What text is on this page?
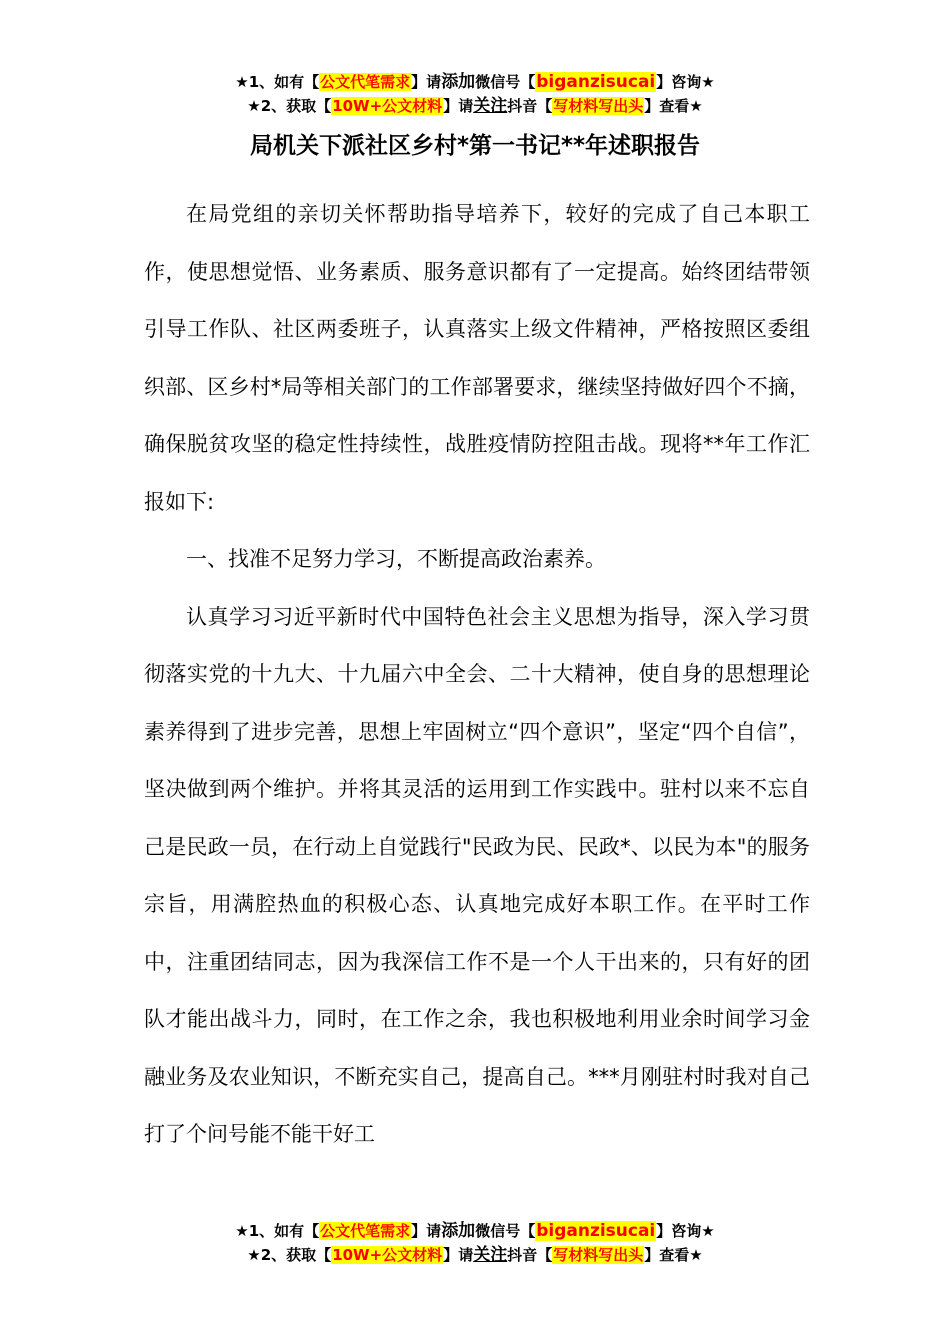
★1、如有【公文代笔需求】请添加微信号【biganzisucai】咨询★
★2、获取【10W+公文材料】请关注抖音【写材料写出头】查看★
局机关下派社区乡村*第一书记**年述职报告

在局党组的亲切关怀帮助指导培养下，较好的完成了自己本职工作，使思想觉悟、业务素质、服务意识都有了一定提高。始终团结带领引导工作队、社区两委班子，认真落实上级文件精神，严格按照区委组织部、区乡村*局等相关部门的工作部署要求，继续坚持做好四个不摘，确保脱贫攻坚的稳定性持续性，战胜疫情防控阻击战。现将**年工作汇报如下:

一、找准不足努力学习，不断提高政治素养。

认真学习习近平新时代中国特色社会主义思想为指导，深入学习贯彻落实党的十九大、十九届六中全会、二十大精神，使自身的思想理论素养得到了进步完善，思想上牢固树立“四个意识”，坚定“四个自信”，坚决做到两个维护。并将其灵活的运用到工作实践中。驻村以来不忘自己是民政一员，在行动上自觉践行"民政为民、民政*、以民为本"的服务宗旨，用满腔热血的积极心态、认真地完成好本职工作。在平时工作中，注重团结同志，因为我深信工作不是一个人干出来的，只有好的团队才能出战斗力，同时，在工作之余，我也积极地利用业余时间学习金融业务及农业知识，不断充实自己，提高自己。***月刚驻村时我对自己打了个问号能不能干好工

★1、如有【公文代笔需求】请添加微信号【biganzisucai】咨询★
★2、获取【10W+公文材料】请关注抖音【写材料写出头】查看★
